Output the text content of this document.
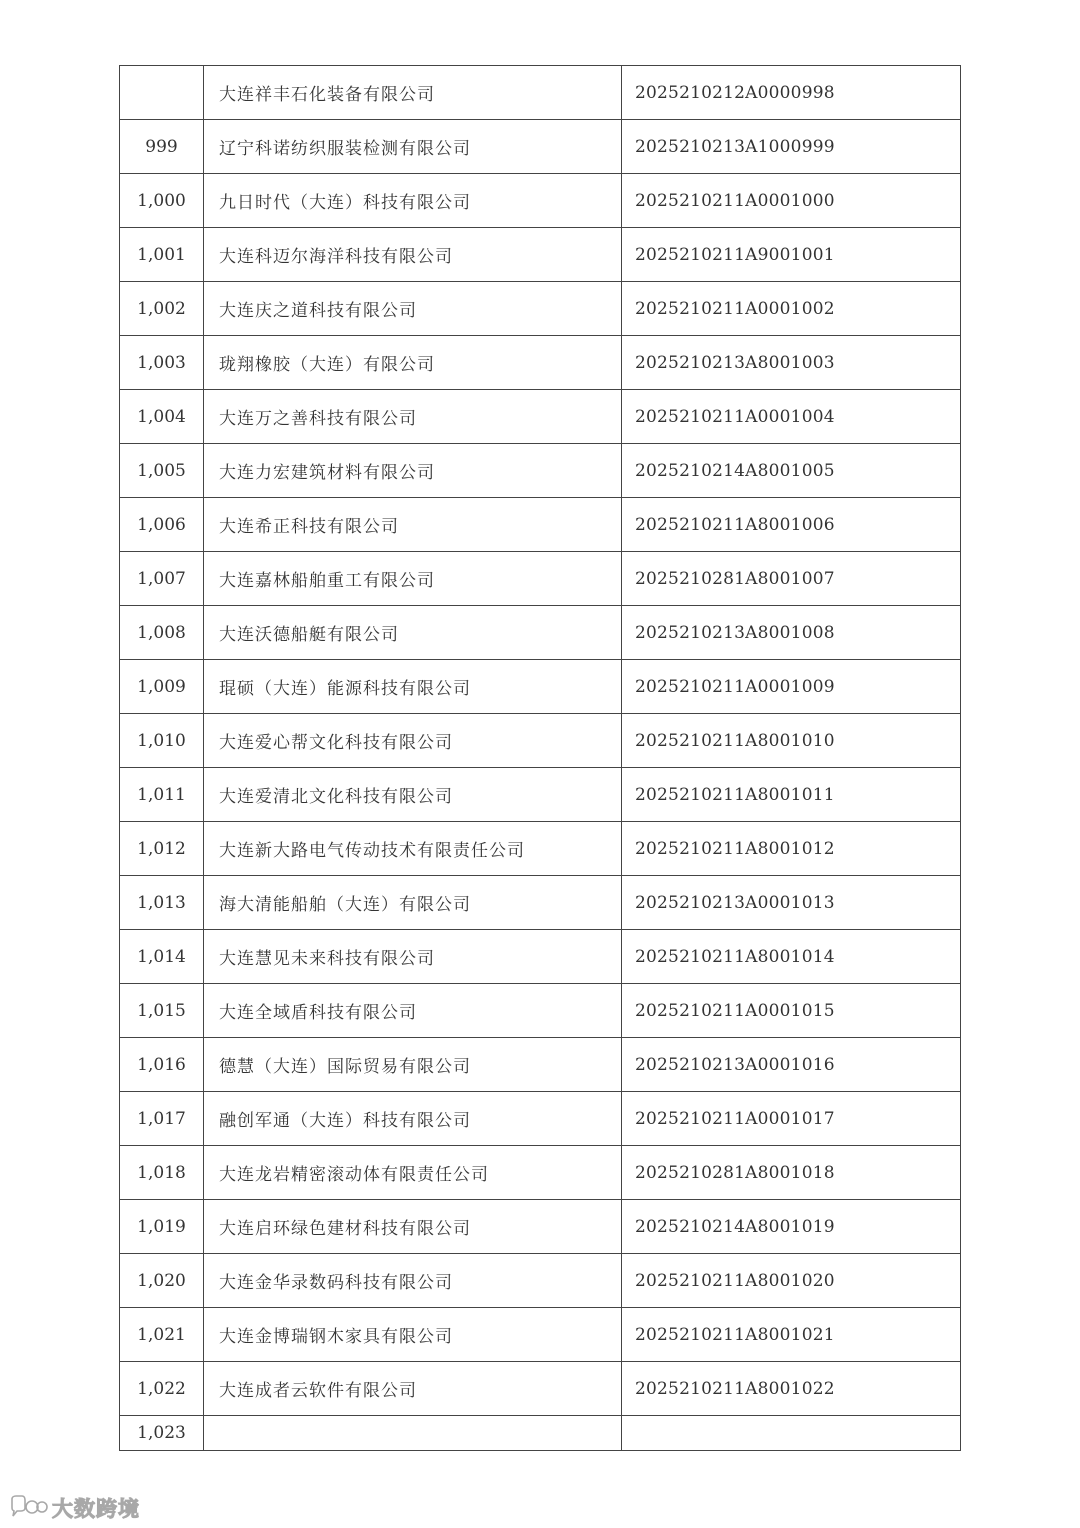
	大连祥丰石化装备有限公司	2025210212A0000998
999	辽宁科诺纺织服装检测有限公司	2025210213A1000999
1,000	九日时代（大连）科技有限公司	2025210211A0001000
1,001	大连科迈尔海洋科技有限公司	2025210211A9001001
1,002	大连庆之道科技有限公司	2025210211A0001002
1,003	珑翔橡胶（大连）有限公司	2025210213A8001003
1,004	大连万之善科技有限公司	2025210211A0001004
1,005	大连力宏建筑材料有限公司	2025210214A8001005
1,006	大连希正科技有限公司	2025210211A8001006
1,007	大连嘉林船舶重工有限公司	2025210281A8001007
1,008	大连沃德船艇有限公司	2025210213A8001008
1,009	琨硕（大连）能源科技有限公司	2025210211A0001009
1,010	大连爱心帮文化科技有限公司	2025210211A8001010
1,011	大连爱清北文化科技有限公司	2025210211A8001011
1,012	大连新大路电气传动技术有限责任公司	2025210211A8001012
1,013	海大清能船舶（大连）有限公司	2025210213A0001013
1,014	大连慧见未来科技有限公司	2025210211A8001014
1,015	大连全域盾科技有限公司	2025210211A0001015
1,016	德慧（大连）国际贸易有限公司	2025210213A0001016
1,017	融创军通（大连）科技有限公司	2025210211A0001017
1,018	大连龙岩精密滚动体有限责任公司	2025210281A8001018
1,019	大连启环绿色建材科技有限公司	2025210214A8001019
1,020	大连金华录数码科技有限公司	2025210211A8001020
1,021	大连金博瑞钢木家具有限公司	2025210211A8001021
1,022	大连成者云软件有限公司	2025210211A8001022
1,023		
大数跨境
